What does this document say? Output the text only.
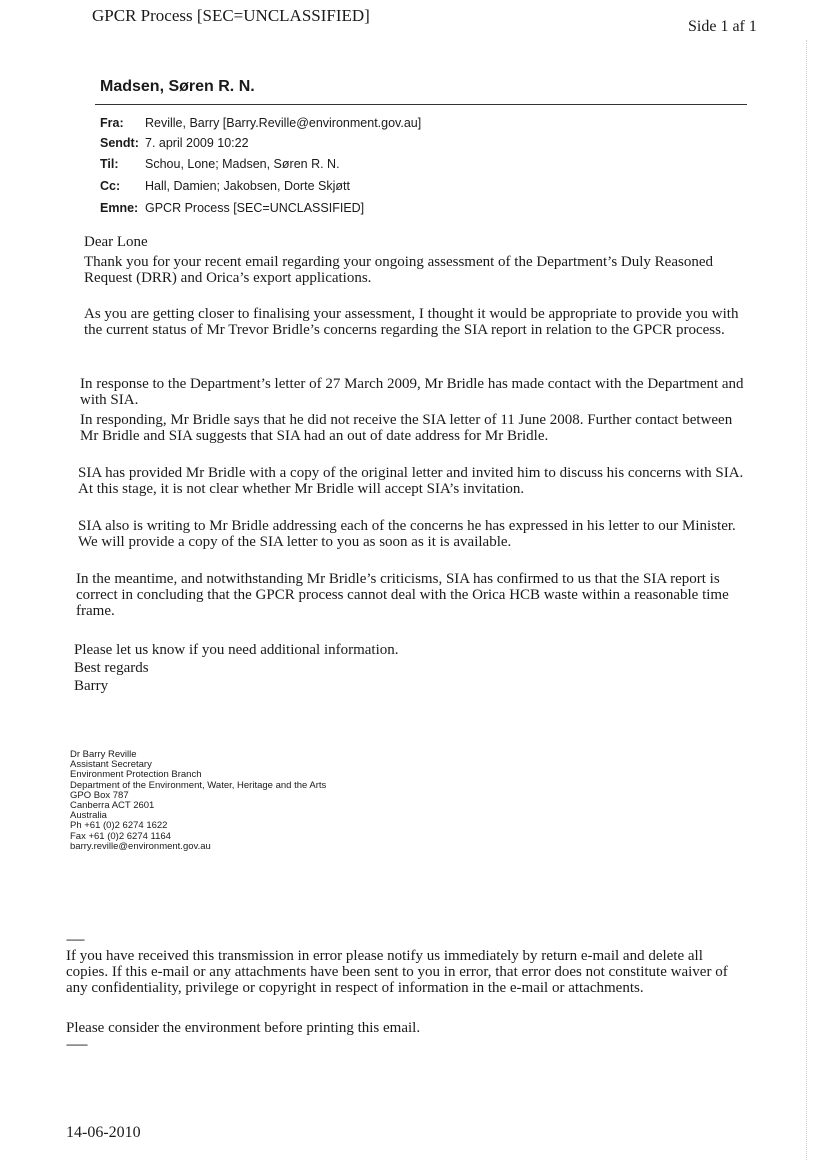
GPCR Process [SEC=UNCLASSIFIED]
Side 1 af 1
Madsen, Søren R. N.
Fra:	Reville, Barry [Barry.Reville@environment.gov.au]
Sendt: 7. april 2009 10:22
Til:	Schou, Lone; Madsen, Søren R. N.
Cc:	Hall, Damien; Jakobsen, Dorte Skjøtt
Emne: GPCR Process [SEC=UNCLASSIFIED]
Dear Lone
Thank you for your recent email regarding your ongoing assessment of the Department’s Duly Reasoned Request (DRR) and Orica’s export applications.
As you are getting closer to finalising your assessment, I thought it would be appropriate to provide you with the current status of Mr Trevor Bridle’s concerns regarding the SIA report in relation to the GPCR process.
In response to the Department’s letter of 27 March 2009, Mr Bridle has made contact with the Department and with SIA.
In responding, Mr Bridle says that he did not receive the SIA letter of 11 June 2008. Further contact between Mr Bridle and SIA suggests that SIA had an out of date address for Mr Bridle.
SIA has provided Mr Bridle with a copy of the original letter and invited him to discuss his concerns with SIA. At this stage, it is not clear whether Mr Bridle will accept SIA’s invitation.
SIA also is writing to Mr Bridle addressing each of the concerns he has expressed in his letter to our Minister. We will provide a copy of the SIA letter to you as soon as it is available.
In the meantime, and notwithstanding Mr Bridle’s criticisms, SIA has confirmed to us that the SIA report is correct in concluding that the GPCR process cannot deal with the Orica HCB waste within a reasonable time frame.
Please let us know if you need additional information.
Best regards
Barry
Dr Barry Reville
Assistant Secretary
Environment Protection Branch
Department of the Environment, Water, Heritage and the Arts
GPO Box 787
Canberra ACT 2601
Australia
Ph +61 (0)2 6274 1622
Fax +61 (0)2 6274 1164
barry.reville@environment.gov.au
------
If you have received this transmission in error please notify us immediately by return e-mail and delete all copies. If this e-mail or any attachments have been sent to you in error, that error does not constitute waiver of any confidentiality, privilege or copyright in respect of information in the e-mail or attachments.
Please consider the environment before printing this email.
-------
14-06-2010
